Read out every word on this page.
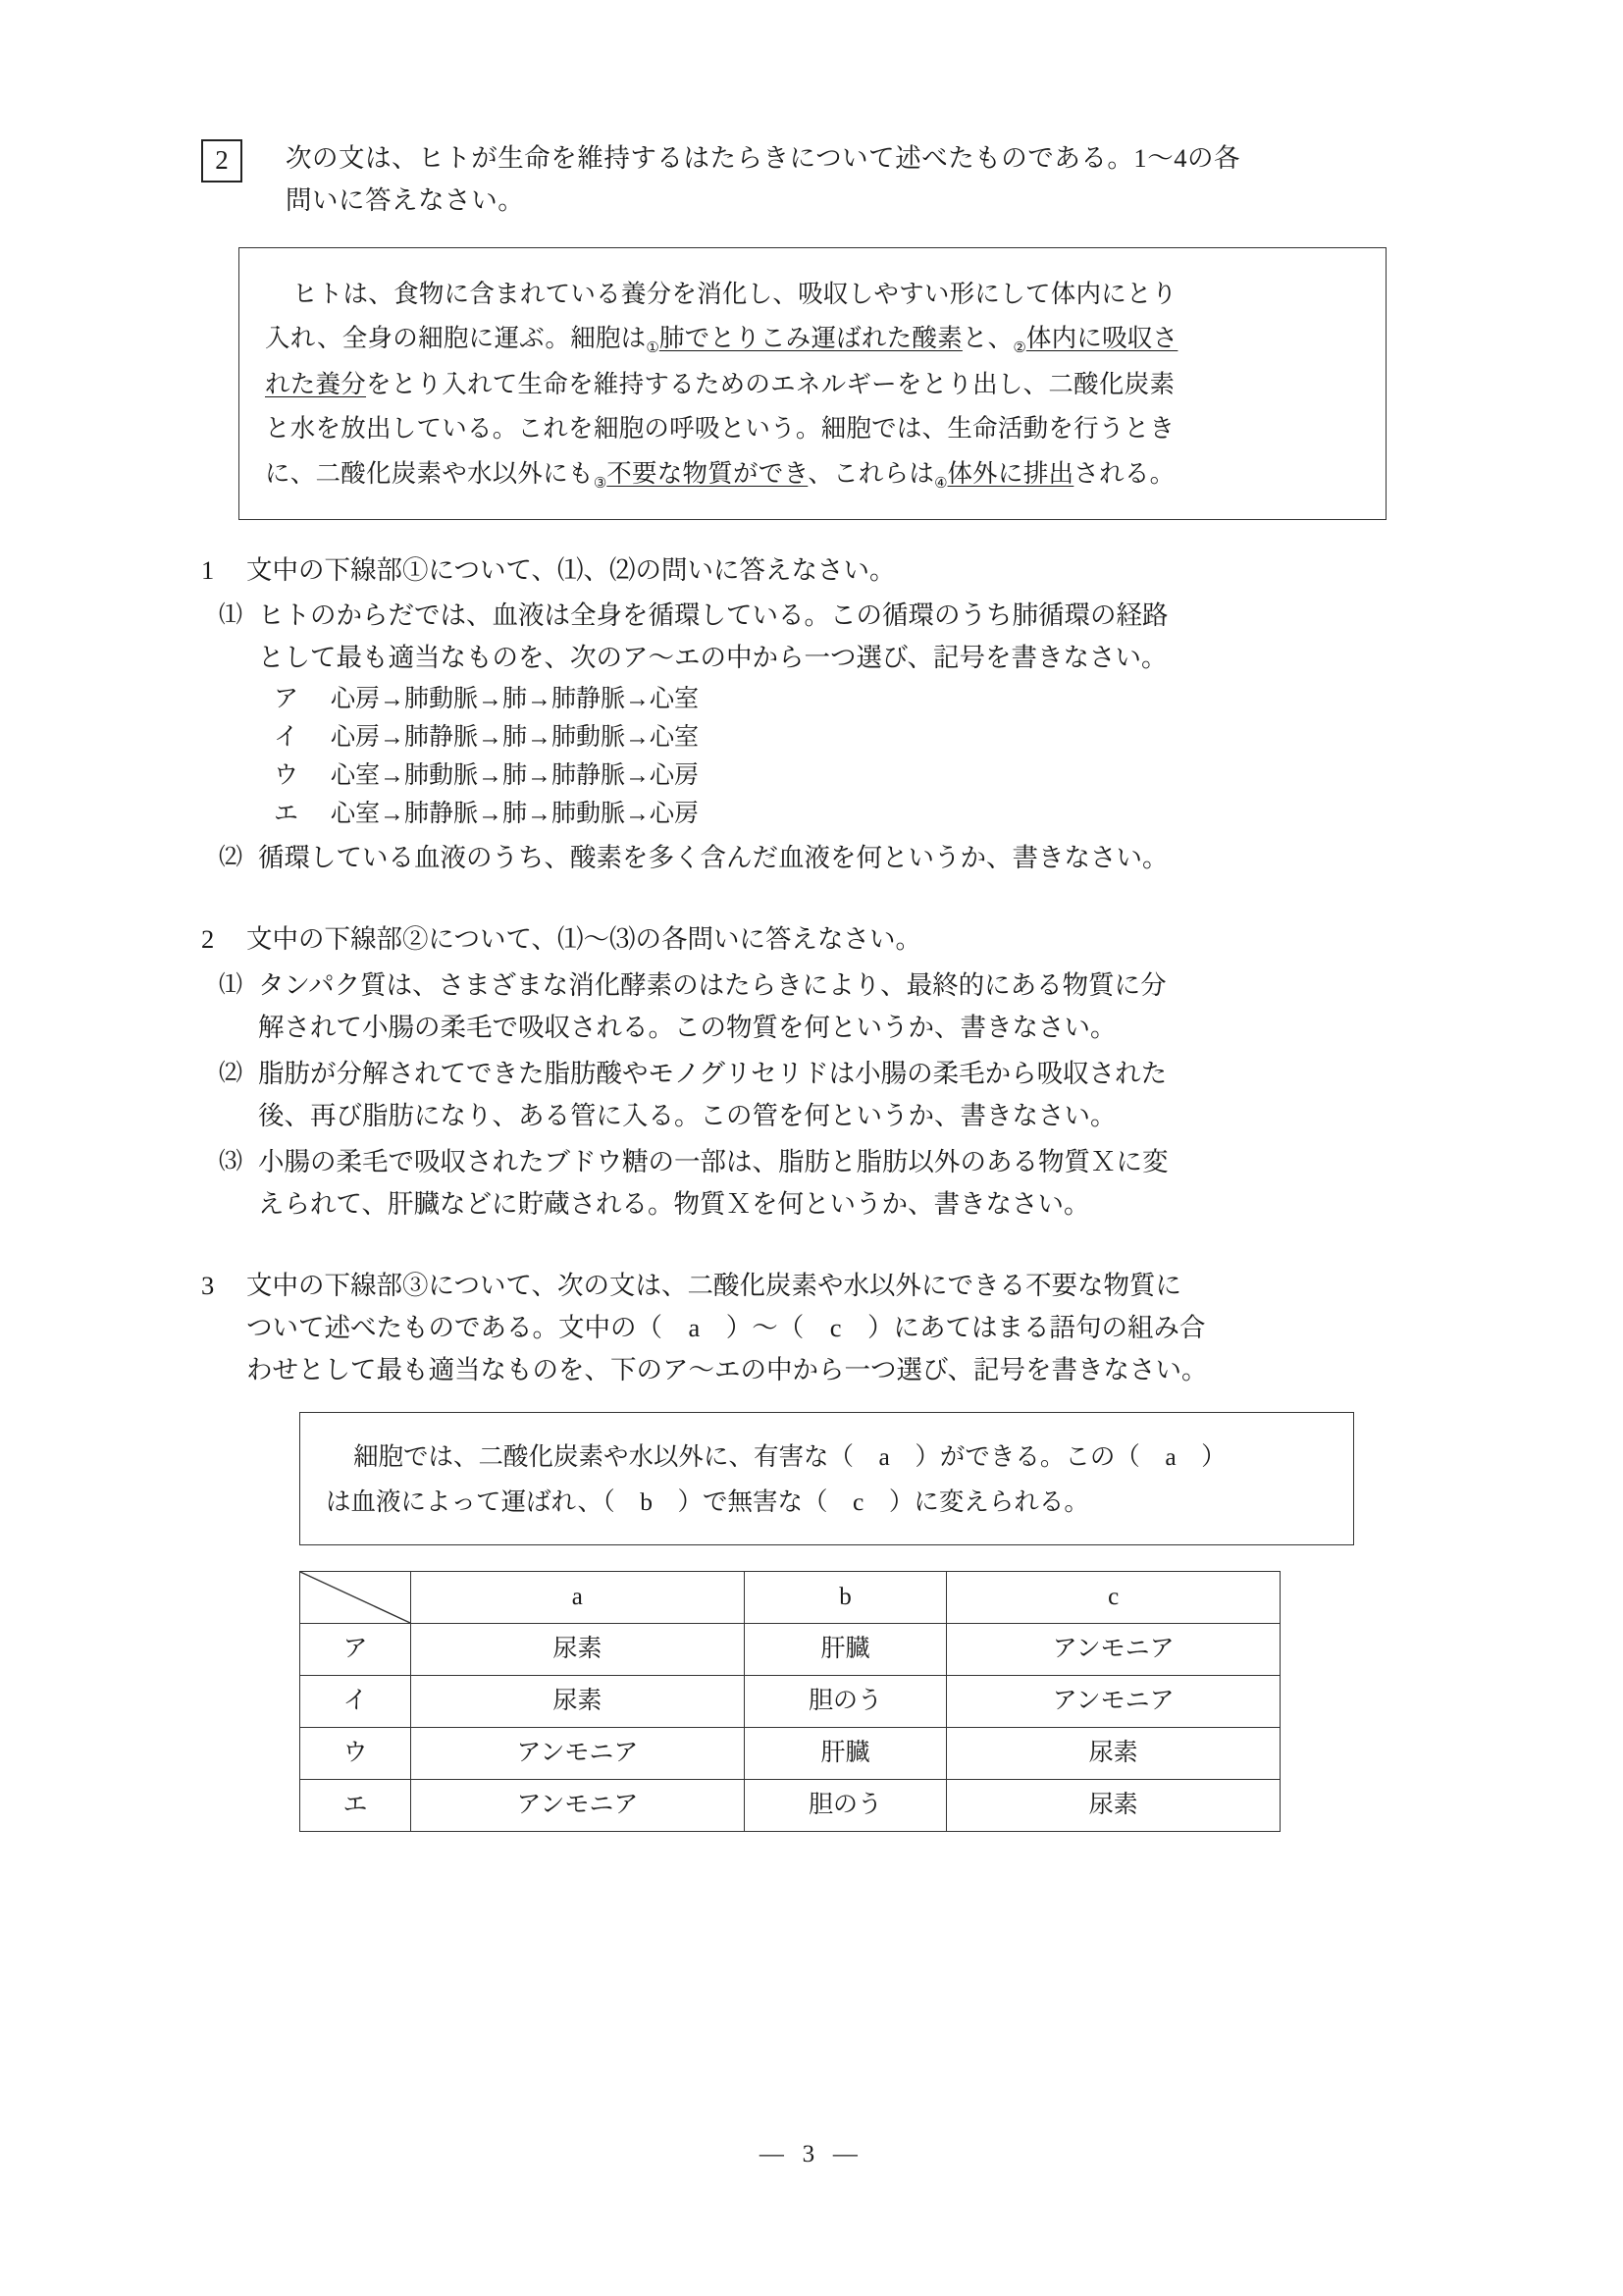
2	次の文は、ヒトが生命を維持するはたらきについて述べたものである。1～4の各
問いに答えなさい。
ヒトは、食物に含まれている養分を消化し、吸収しやすい形にして体内にとり
入れ、全身の細胞に運ぶ。細胞は$_①$肺でとりこみ運ばれた酸素と、$_②$体内に吸収さ
れた養分をとり入れて生命を維持するためのエネルギーをとり出し、二酸化炭素
と水を放出している。これを細胞の呼吸という。細胞では、生命活動を行うとき
に、二酸化炭素や水以外にも$_③$不要な物質ができ、これらは$_④$体外に排出される。
1	文中の下線部①について、⑴、⑵の問いに答えなさい。
⑴ ヒトのからだでは、血液は全身を循環している。この循環のうち肺循環の経路
として最も適当なものを、次のア～エの中から一つ選び、記号を書きなさい。
ア	心房→肺動脈→肺→肺静脈→心室
イ	心房→肺静脈→肺→肺動脈→心室
ウ	心室→肺動脈→肺→肺静脈→心房
エ	心室→肺静脈→肺→肺動脈→心房
⑵ 循環している血液のうち、酸素を多く含んだ血液を何というか、書きなさい。
2	文中の下線部②について、⑴～⑶の各問いに答えなさい。
⑴ タンパク質は、さまざまな消化酵素のはたらきにより、最終的にある物質に分
解されて小腸の柔毛で吸収される。この物質を何というか、書きなさい。
⑵ 脂肪が分解されてできた脂肪酸やモノグリセリドは小腸の柔毛から吸収された
後、再び脂肪になり、ある管に入る。この管を何というか、書きなさい。
⑶ 小腸の柔毛で吸収されたブドウ糖の一部は、脂肪と脂肪以外のある物質Ｘに変
えられて、肝臓などに貯蔵される。物質Ｘを何というか、書きなさい。
3	文中の下線部③について、次の文は、二酸化炭素や水以外にできる不要な物質に
ついて述べたものである。文中の（　a　）～（　c　）にあてはまる語句の組み合
わせとして最も適当なものを、下のア～エの中から一つ選び、記号を書きなさい。
細胞では、二酸化炭素や水以外に、有害な（　a　）ができる。この（　a　）
は血液によって運ばれ、（　b　）で無害な（　c　）に変えられる。
	a	b	c
ア	尿素	肝臓	アンモニア
イ	尿素	胆のう	アンモニア
ウ	アンモニア	肝臓	尿素
エ	アンモニア	胆のう	尿素
— 3 —
